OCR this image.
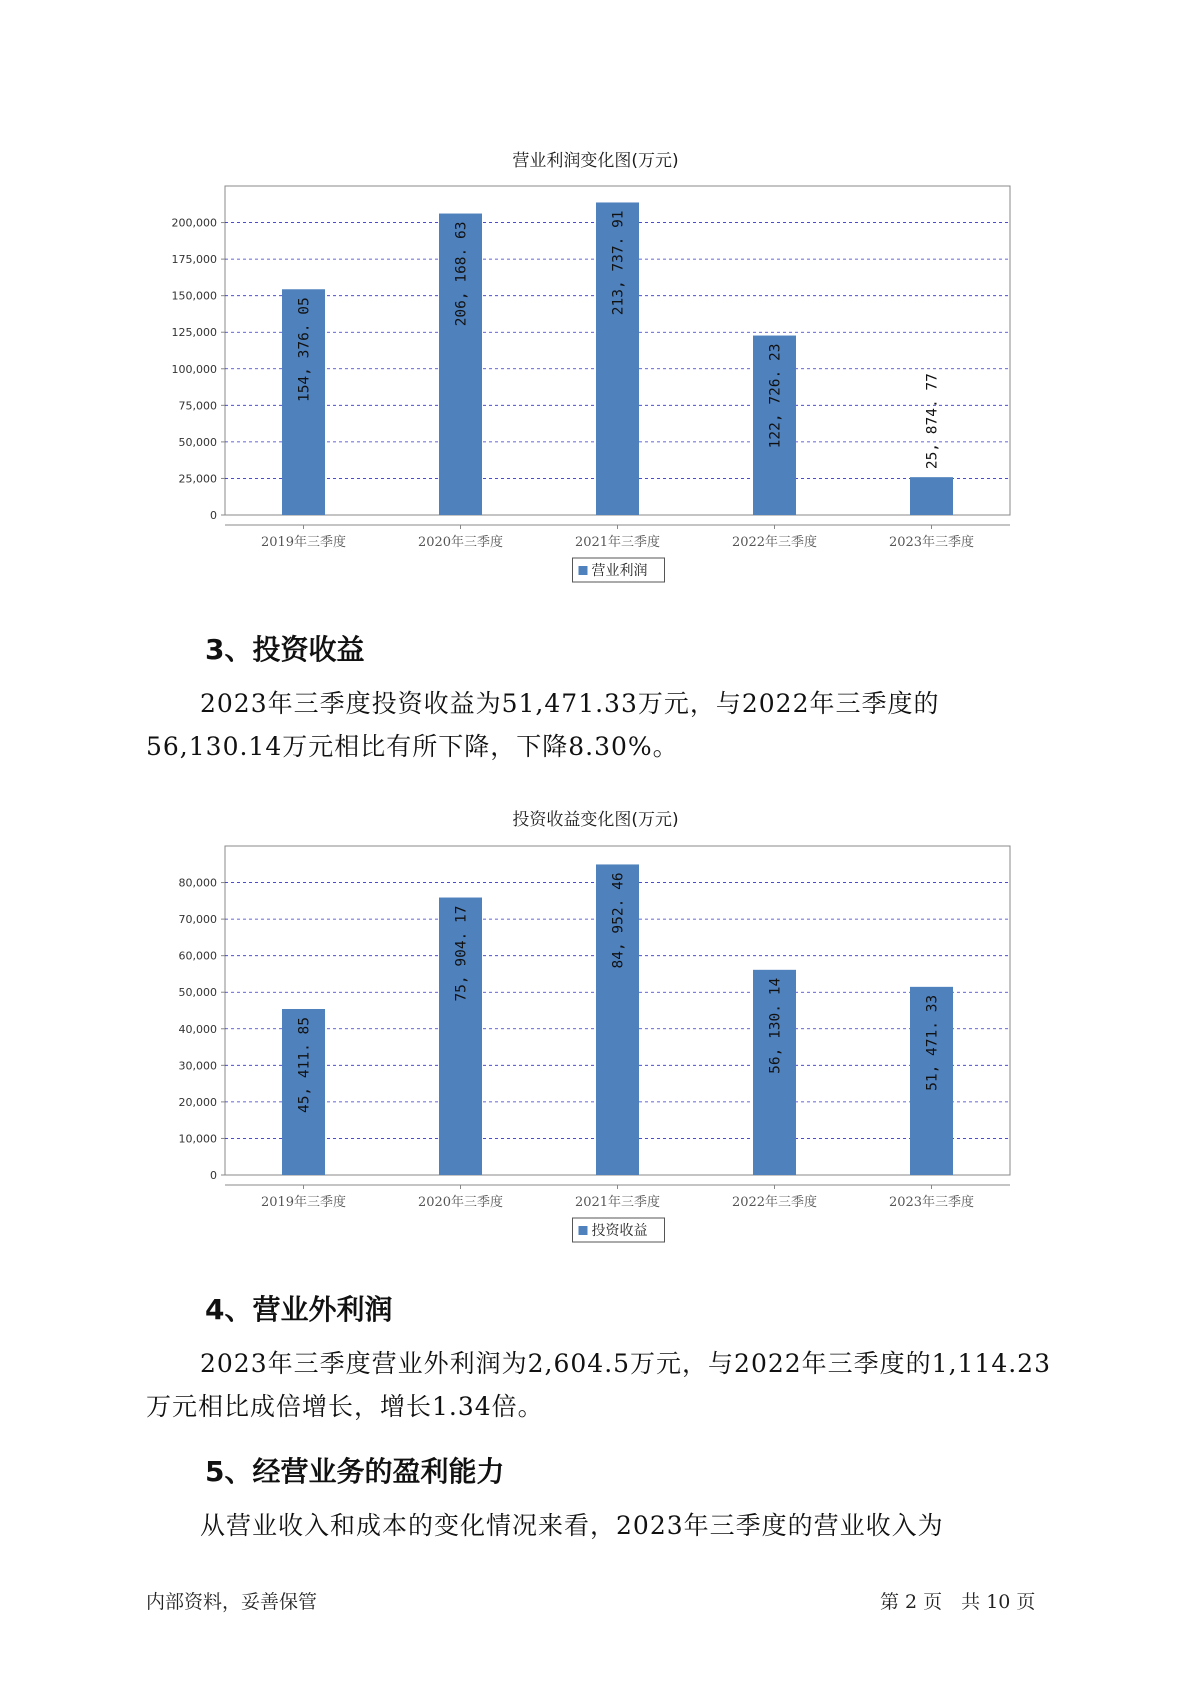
营业利润变化图(万元)
0
25,000
50,000
75,000
100,000
125,000
150,000
175,000
200,000
2019年三季度
154, 376. 05
2020年三季度
206, 168. 63
2021年三季度
213, 737. 91
2022年三季度
122, 726. 23
2023年三季度
25, 874. 77
营业利润
3、投资收益

2023年三季度投资收益为51,471.33万元，与2022年三季度的56,130.14万元相比有所下降，下降8.30%。

投资收益变化图(万元)
0
10,000
20,000
30,000
40,000
50,000
60,000
70,000
80,000
2019年三季度
45, 411. 85
2020年三季度
75, 904. 17
2021年三季度
84, 952. 46
2022年三季度
56, 130. 14
2023年三季度
51, 471. 33
投资收益
4、营业外利润

2023年三季度营业外利润为2,604.5万元，与2022年三季度的1,114.23万元相比成倍增长，增长1.34倍。

5、经营业务的盈利能力

从营业收入和成本的变化情况来看，2023年三季度的营业收入为

内部资料，妥善保管	第 2 页　共 10 页
